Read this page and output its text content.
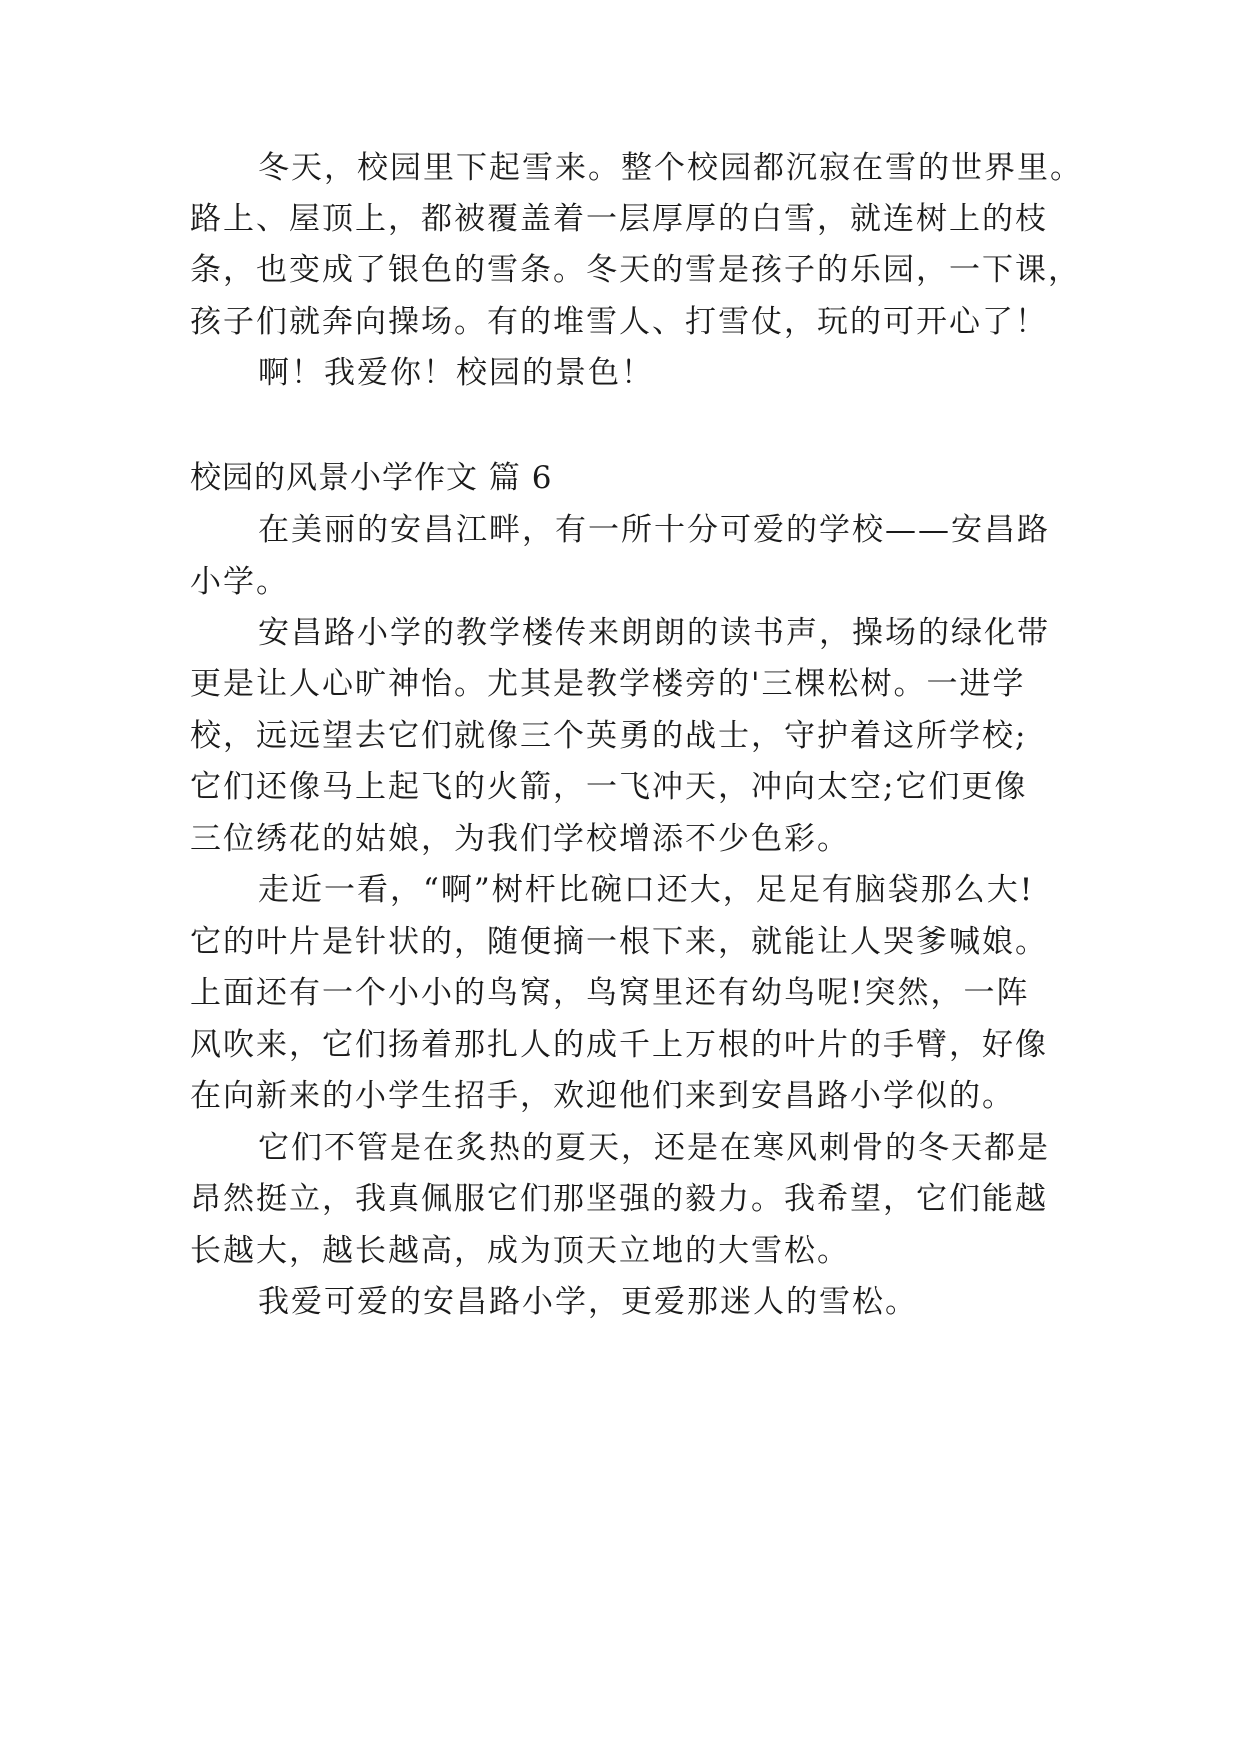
冬天，校园里下起雪来。整个校园都沉寂在雪的世界里。
路上、屋顶上，都被覆盖着一层厚厚的白雪，就连树上的枝
条，也变成了银色的雪条。冬天的雪是孩子的乐园，一下课，
孩子们就奔向操场。有的堆雪人、打雪仗，玩的可开心了！
啊！我爱你！校园的景色！
校园的风景小学作文 篇 6
在美丽的安昌江畔，有一所十分可爱的学校——安昌路
小学。
安昌路小学的教学楼传来朗朗的读书声，操场的绿化带
更是让人心旷神怡。尤其是教学楼旁的'三棵松树。一进学
校，远远望去它们就像三个英勇的战士，守护着这所学校;
它们还像马上起飞的火箭，一飞冲天，冲向太空;它们更像
三位绣花的姑娘，为我们学校增添不少色彩。
走近一看，“啊”树杆比碗口还大，足足有脑袋那么大!
它的叶片是针状的，随便摘一根下来，就能让人哭爹喊娘。
上面还有一个小小的鸟窝，鸟窝里还有幼鸟呢!突然，一阵
风吹来，它们扬着那扎人的成千上万根的叶片的手臂，好像
在向新来的小学生招手，欢迎他们来到安昌路小学似的。
它们不管是在炙热的夏天，还是在寒风刺骨的冬天都是
昂然挺立，我真佩服它们那坚强的毅力。我希望，它们能越
长越大，越长越高，成为顶天立地的大雪松。
我爱可爱的安昌路小学，更爱那迷人的雪松。
